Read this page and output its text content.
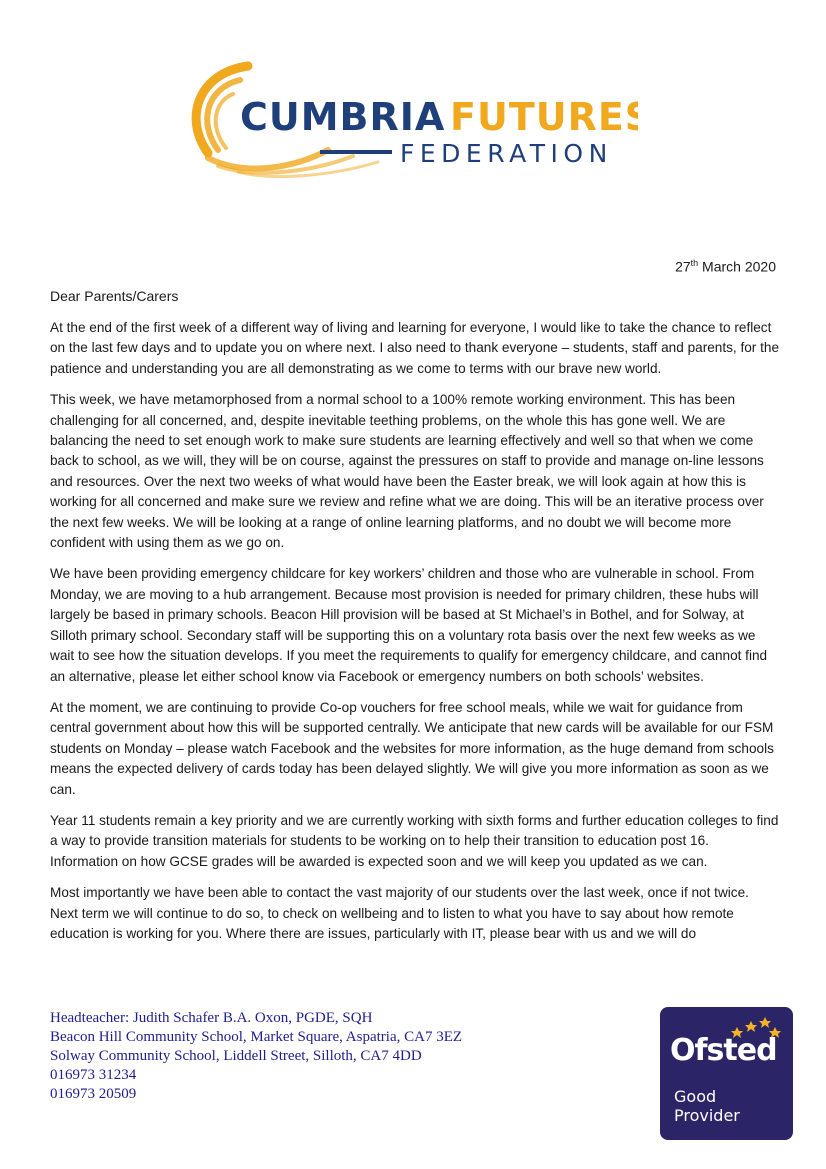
CUMBRIA FUTURES
FEDERATION
27th March 2020
Dear Parents/Carers

At the end of the first week of a different way of living and learning for everyone, I would like to take the chance to reflect on the last few days and to update you on where next. I also need to thank everyone – students, staff and parents, for the patience and understanding you are all demonstrating as we come to terms with our brave new world.

This week, we have metamorphosed from a normal school to a 100% remote working environment. This has been challenging for all concerned, and, despite inevitable teething problems, on the whole this has gone well. We are balancing the need to set enough work to make sure students are learning effectively and well so that when we come back to school, as we will, they will be on course, against the pressures on staff to provide and manage on-line lessons and resources. Over the next two weeks of what would have been the Easter break, we will look again at how this is working for all concerned and make sure we review and refine what we are doing. This will be an iterative process over the next few weeks. We will be looking at a range of online learning platforms, and no doubt we will become more confident with using them as we go on.

We have been providing emergency childcare for key workers’ children and those who are vulnerable in school. From Monday, we are moving to a hub arrangement. Because most provision is needed for primary children, these hubs will largely be based in primary schools. Beacon Hill provision will be based at St Michael’s in Bothel, and for Solway, at Silloth primary school. Secondary staff will be supporting this on a voluntary rota basis over the next few weeks as we wait to see how the situation develops. If you meet the requirements to qualify for emergency childcare, and cannot find an alternative, please let either school know via Facebook or emergency numbers on both schools’ websites.

At the moment, we are continuing to provide Co-op vouchers for free school meals, while we wait for guidance from central government about how this will be supported centrally. We anticipate that new cards will be available for our FSM students on Monday – please watch Facebook and the websites for more information, as the huge demand from schools means the expected delivery of cards today has been delayed slightly. We will give you more information as soon as we can.

Year 11 students remain a key priority and we are currently working with sixth forms and further education colleges to find a way to provide transition materials for students to be working on to help their transition to education post 16. Information on how GCSE grades will be awarded is expected soon and we will keep you updated as we can.

Most importantly we have been able to contact the vast majority of our students over the last week, once if not twice. Next term we will continue to do so, to check on wellbeing and to listen to what you have to say about how remote education is working for you. Where there are issues, particularly with IT, please bear with us and we will do

Headteacher: Judith Schafer B.A. Oxon, PGDE, SQH
Beacon Hill Community School, Market Square, Aspatria, CA7 3EZ
Solway Community School, Liddell Street, Silloth, CA7 4DD
016973 31234
016973 20509
Ofsted
Good
Provider
